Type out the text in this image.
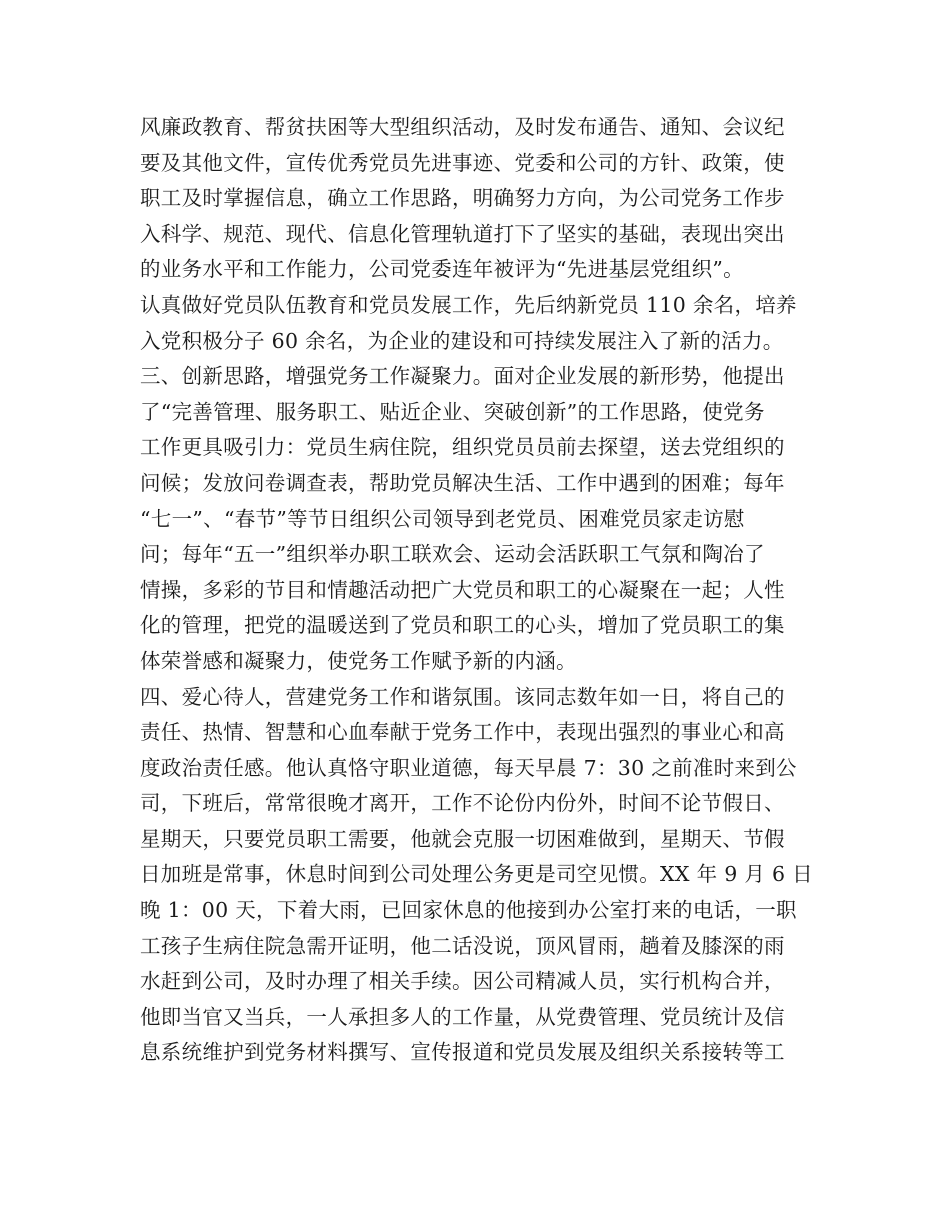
风廉政教育、帮贫扶困等大型组织活动，及时发布通告、通知、会议纪
要及其他文件，宣传优秀党员先进事迹、党委和公司的方针、政策，使
职工及时掌握信息，确立工作思路，明确努力方向，为公司党务工作步
入科学、规范、现代、信息化管理轨道打下了坚实的基础，表现出突出
的业务水平和工作能力，公司党委连年被评为“先进基层党组织”。
认真做好党员队伍教育和党员发展工作，先后纳新党员 110 余名，培养
入党积极分子 60 余名，为企业的建设和可持续发展注入了新的活力。
三、创新思路，增强党务工作凝聚力。面对企业发展的新形势，他提出
了“完善管理、服务职工、贴近企业、突破创新”的工作思路，使党务
工作更具吸引力：党员生病住院，组织党员员前去探望，送去党组织的
问候；发放问卷调查表，帮助党员解决生活、工作中遇到的困难；每年
“七一”、“春节”等节日组织公司领导到老党员、困难党员家走访慰
问；每年“五一”组织举办职工联欢会、运动会活跃职工气氛和陶冶了
情操，多彩的节目和情趣活动把广大党员和职工的心凝聚在一起；人性
化的管理，把党的温暖送到了党员和职工的心头，增加了党员职工的集
体荣誉感和凝聚力，使党务工作赋予新的内涵。
四、爱心待人，营建党务工作和谐氛围。该同志数年如一日，将自己的
责任、热情、智慧和心血奉献于党务工作中，表现出强烈的事业心和高
度政治责任感。他认真恪守职业道德，每天早晨 7：30 之前准时来到公
司，下班后，常常很晚才离开，工作不论份内份外，时间不论节假日、
星期天，只要党员职工需要，他就会克服一切困难做到，星期天、节假
日加班是常事，休息时间到公司处理公务更是司空见惯。XX 年 9 月 6 日
晚 1：00 天，下着大雨，已回家休息的他接到办公室打来的电话，一职
工孩子生病住院急需开证明，他二话没说，顶风冒雨，趟着及膝深的雨
水赶到公司，及时办理了相关手续。因公司精减人员，实行机构合并，
他即当官又当兵，一人承担多人的工作量，从党费管理、党员统计及信
息系统维护到党务材料撰写、宣传报道和党员发展及组织关系接转等工
